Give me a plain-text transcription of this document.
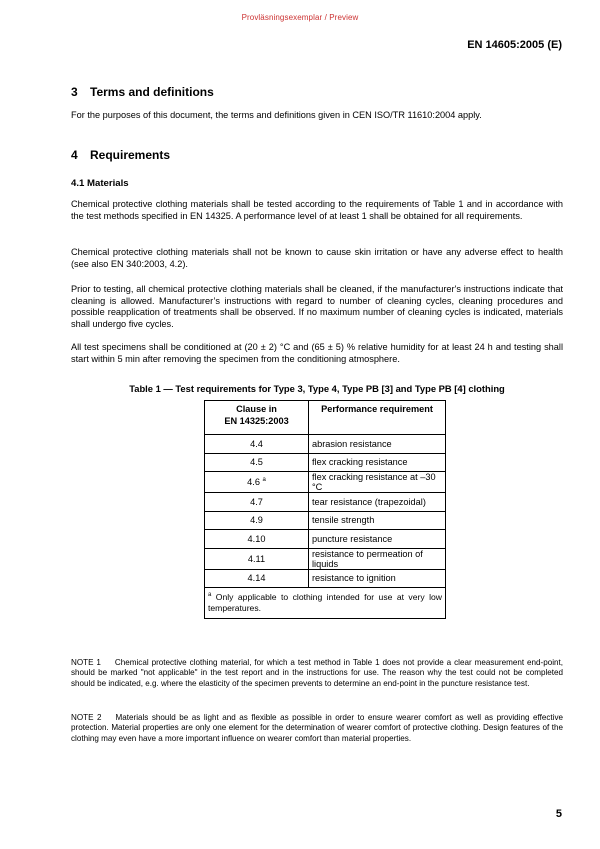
Provläsningsexemplar / Preview
EN 14605:2005 (E)
3 Terms and definitions

For the purposes of this document, the terms and definitions given in CEN ISO/TR 11610:2004 apply.

4 Requirements
4.1 Materials

Chemical protective clothing materials shall be tested according to the requirements of Table 1 and in accordance with the test methods specified in EN 14325. A performance level of at least 1 shall be obtained for all requirements.

Chemical protective clothing materials shall not be known to cause skin irritation or have any adverse effect to health (see also EN 340:2003, 4.2).

Prior to testing, all chemical protective clothing materials shall be cleaned, if the manufacturer's instructions indicate that cleaning is allowed. Manufacturer’s instructions with regard to number of cleaning cycles, cleaning procedures and possible reapplication of treatments shall be observed. If no maximum number of cleaning cycles is indicated, materials shall undergo five cycles.

All test specimens shall be conditioned at (20 ± 2) °C and (65 ± 5) % relative humidity for at least 24 h and testing shall start within 5 min after removing the specimen from the conditioning atmosphere.

Table 1 — Test requirements for Type 3, Type 4, Type PB [3] and Type PB [4] clothing
Clause in
EN 14325:2003	Performance requirement
4.4	abrasion resistance
4.5	flex cracking resistance
4.6 $^a$	flex cracking resistance at –30 °C
4.7	tear resistance (trapezoidal)
4.9	tensile strength
4.10	puncture resistance
4.11	resistance to permeation of liquids
4.14	resistance to ignition
$^a$ Only applicable to clothing intended for use at very low temperatures.	

NOTE 1 Chemical protective clothing material, for which a test method in Table 1 does not provide a clear measurement end-point, should be marked "not applicable" in the test report and in the instructions for use. The reason why the test could not be completed should be indicated, e.g. where the elasticity of the specimen prevents to determine an end-point in the puncture resistance test.

NOTE 2 Materials should be as light and as flexible as possible in order to ensure wearer comfort as well as providing effective protection. Material properties are only one element for the determination of wearer comfort of protective clothing. Design features of the clothing may even have a more important influence on wearer comfort than material properties.

5
